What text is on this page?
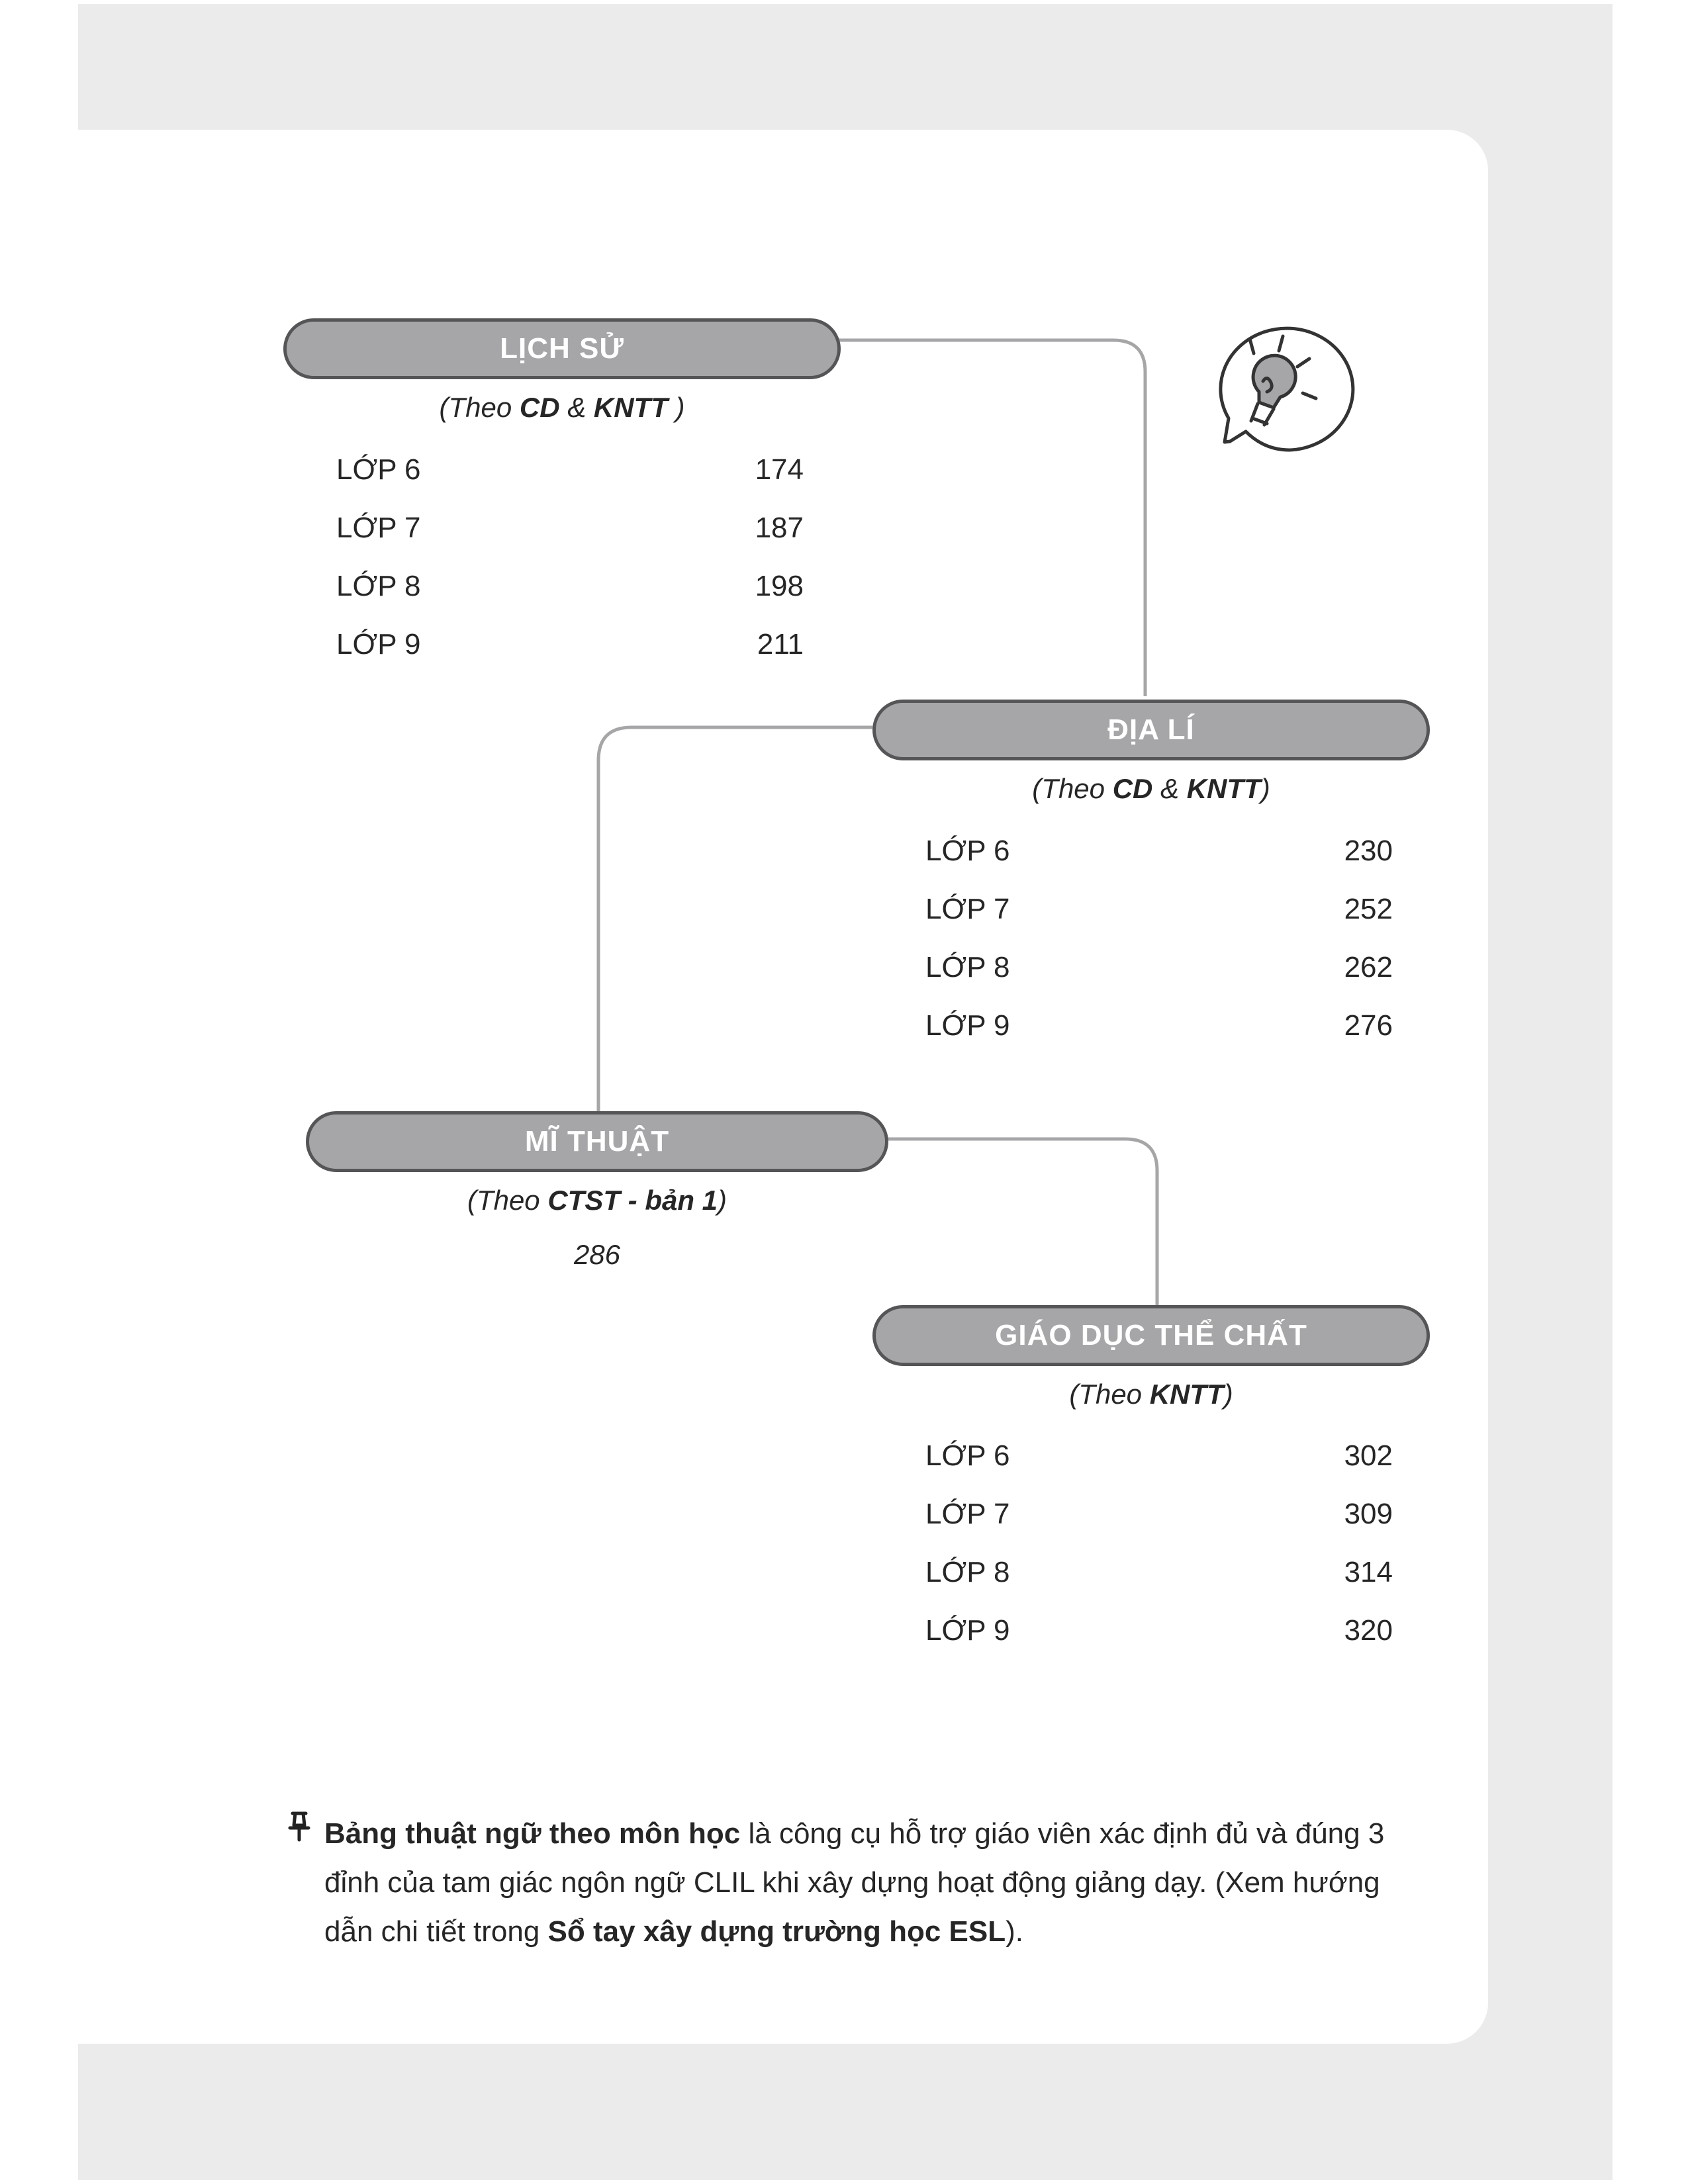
LỊCH SỬ
(Theo CD & KNTT )
LỚP 6	174
LỚP 7	187
LỚP 8	198
LỚP 9	211
ĐỊA LÍ
(Theo CD & KNTT)
LỚP 6	230
LỚP 7	252
LỚP 8	262
LỚP 9	276
MĨ THUẬT
(Theo CTST - bản 1)
286
GIÁO DỤC THỂ CHẤT
(Theo KNTT)
LỚP 6	302
LỚP 7	309
LỚP 8	314
LỚP 9	320
Bảng thuật ngữ theo môn học là công cụ hỗ trợ giáo viên xác định đủ và đúng 3 đỉnh của tam giác ngôn ngữ CLIL khi xây dựng hoạt động giảng dạy. (Xem hướng dẫn chi tiết trong Sổ tay xây dựng trường học ESL).
